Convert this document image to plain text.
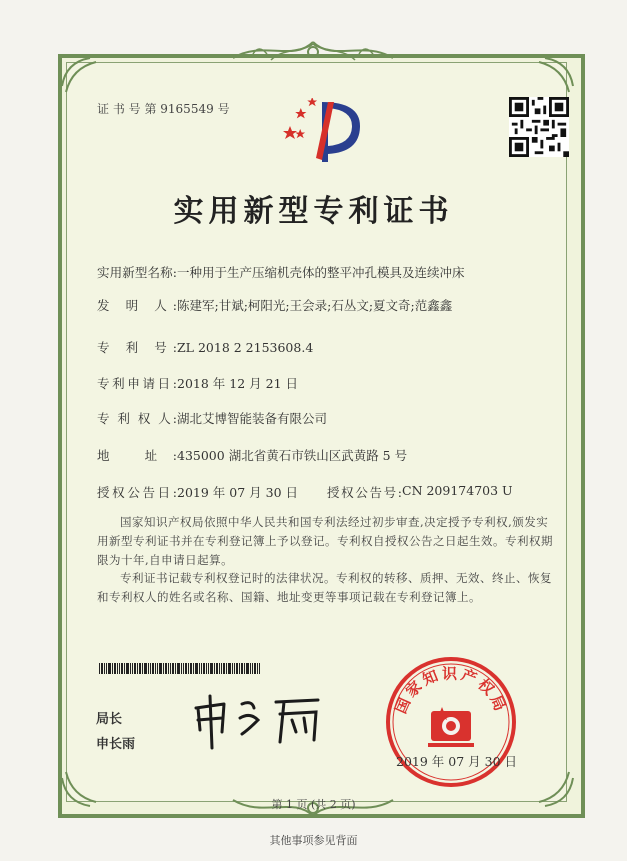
证 书 号 第 9165549 号
实用新型专利证书
实用新型名称:一种用于生产压缩机壳体的整平冲孔模具及连续冲床
发 明 人:陈建军;甘斌;柯阳光;王会录;石丛文;夏文奇;范鑫鑫
专 利 号:ZL 2018 2 2153608.4
专利申请日:2018 年 12 月 21 日
专 利 权 人:湖北艾博智能装备有限公司
地 址:435000 湖北省黄石市铁山区武黄路 5 号
授权公告日:2019 年 07 月 30 日 授权公告号: CN 209174703 U

国家知识产权局依照中华人民共和国专利法经过初步审查,决定授予专利权,颁发实用新型专利证书并在专利登记簿上予以登记。专利权自授权公告之日起生效。专利权期限为十年,自申请日起算。

专利证书记载专利权登记时的法律状况。专利权的转移、质押、无效、终止、恢复和专利权人的姓名或名称、国籍、地址变更等事项记载在专利登记簿上。

局长
申长雨
国家知识产权局
2019 年 07 月 30 日
第 1 页 (共 2 页)
其他事项参见背面
